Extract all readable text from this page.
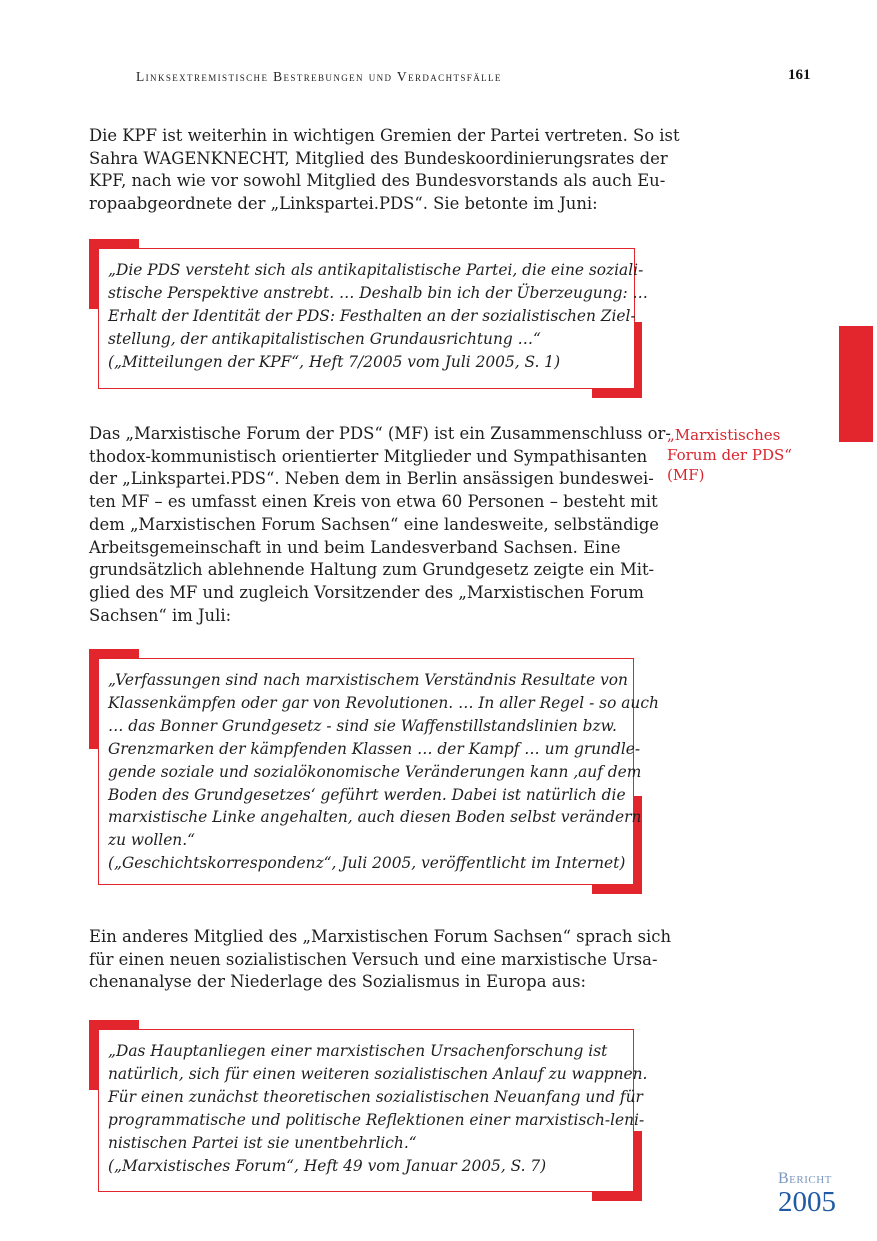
Linksextremistische Bestrebungen und Verdachtsfälle	161

Die KPF ist weiterhin in wichtigen Gremien der Partei vertreten. So ist
Sahra WAGENKNECHT, Mitglied des Bundeskoordinierungsrates der
KPF, nach wie vor sowohl Mitglied des Bundesvorstands als auch Eu-
ropaabgeordnete der „Linkspartei.PDS“. Sie betonte im Juni:

„Die PDS versteht sich als antikapitalistische Partei, die eine soziali-
stische Perspektive anstrebt. … Deshalb bin ich der Überzeugung: …
Erhalt der Identität der PDS: Festhalten an der sozialistischen Ziel-
stellung, der antikapitalistischen Grundausrichtung …“
(„Mitteilungen der KPF“, Heft 7/2005 vom Juli 2005, S. 1)

Das „Marxistische Forum der PDS“ (MF) ist ein Zusammenschluss or-
thodox-kommunistisch orientierter Mitglieder und Sympathisanten
der „Linkspartei.PDS“. Neben dem in Berlin ansässigen bundeswei-
ten MF – es umfasst einen Kreis von etwa 60 Personen – besteht mit
dem „Marxistischen Forum Sachsen“ eine landesweite, selbständige
Arbeitsgemeinschaft in und beim Landesverband Sachsen. Eine
grundsätzlich ablehnende Haltung zum Grundgesetz zeigte ein Mit-
glied des MF und zugleich Vorsitzender des „Marxistischen Forum
Sachsen“ im Juli:

„Marxistisches
Forum der PDS“
(MF)
„Verfassungen sind nach marxistischem Verständnis Resultate von
Klassenkämpfen oder gar von Revolutionen. … In aller Regel - so auch
… das Bonner Grundgesetz - sind sie Waffenstillstandslinien bzw.
Grenzmarken der kämpfenden Klassen … der Kampf … um grundle-
gende soziale und sozialökonomische Veränderungen kann ‚auf dem
Boden des Grundgesetzes‘ geführt werden. Dabei ist natürlich die
marxistische Linke angehalten, auch diesen Boden selbst verändern
zu wollen.“
(„Geschichtskorrespondenz“, Juli 2005, veröffentlicht im Internet)

Ein anderes Mitglied des „Marxistischen Forum Sachsen“ sprach sich
für einen neuen sozialistischen Versuch und eine marxistische Ursa-
chenanalyse der Niederlage des Sozialismus in Europa aus:

„Das Hauptanliegen einer marxistischen Ursachenforschung ist
natürlich, sich für einen weiteren sozialistischen Anlauf zu wappnen.
Für einen zunächst theoretischen sozialistischen Neuanfang und für
programmatische und politische Reflektionen einer marxistisch-leni-
nistischen Partei ist sie unentbehrlich.“
(„Marxistisches Forum“, Heft 49 vom Januar 2005, S. 7)
Bericht
2005
